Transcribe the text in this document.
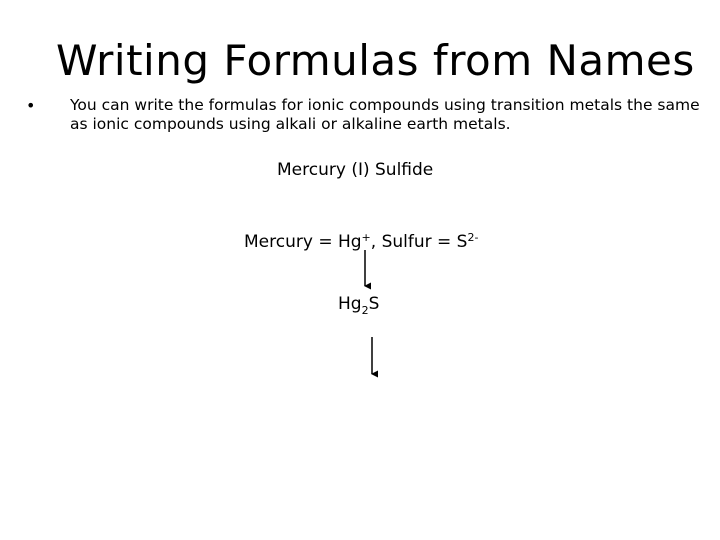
Writing Formulas from Names
• You can write the formulas for ionic compounds using transition metals the same as ionic compounds using alkali or alkaline earth metals.
Mercury (I) Sulfide
Mercury = Hg+, Sulfur = $S^{2-}$
$Hg_2S$
